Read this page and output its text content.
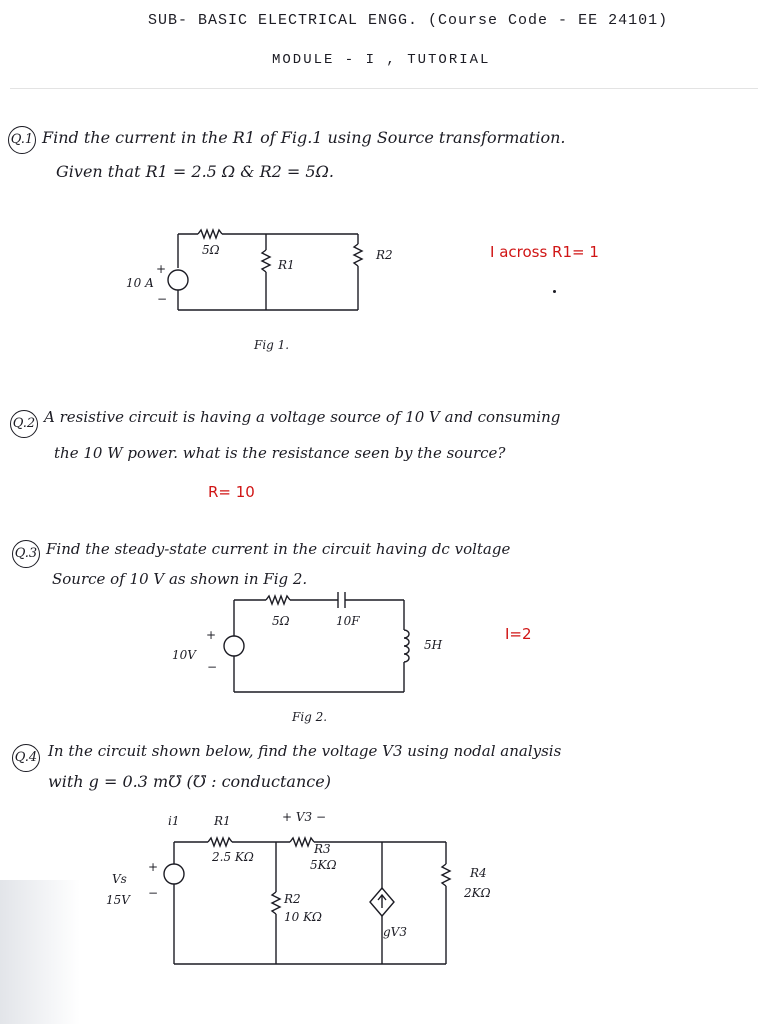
SUB- BASIC ELECTRICAL ENGG. (Course Code - EE 24101)
MODULE - I , TUTORIAL
Q.1 Find the current in the R1 of Fig.1 using Source transformation.
Given that R1 = 2.5 Ω & R2 = 5Ω.
I across R1= 1
+
10 A
−
5Ω
R1
R2
Fig 1.
Q.2 A resistive circuit is having a voltage source of 10 V and consuming
the 10 W power. what is the resistance seen by the source?
R= 10
Q.3 Find the steady-state current in the circuit having dc voltage
Source of 10 V as shown in Fig 2.
I=2
+
10V
−
5Ω	10F
5H
Fig 2.
Q.4 In the circuit shown below, find the voltage V3 using nodal analysis
with g = 0.3 m℧ (℧ : conductance)
i1	R1
2.5 KΩ
+ V3 −
R3
5KΩ
+
Vs
−
15V	R2
10 KΩ
gV3
R4
2KΩ
